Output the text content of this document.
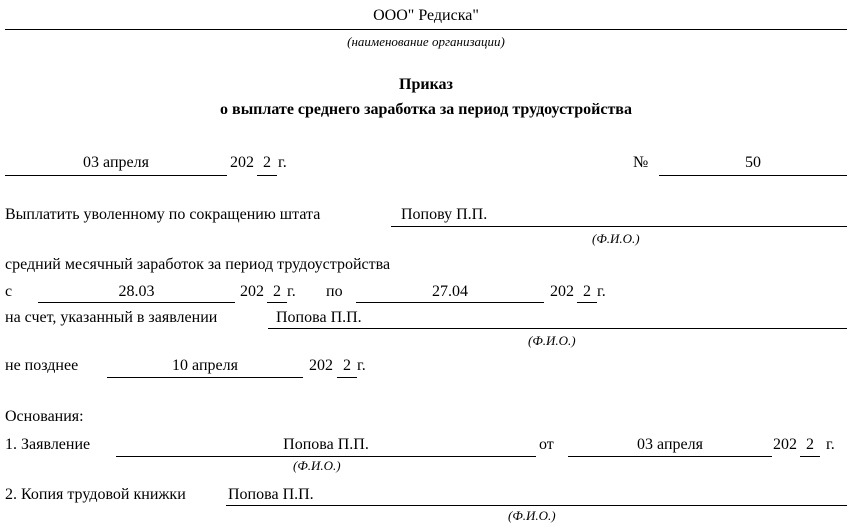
ООО" Редиска"
(наименование организации)
Приказ
о выплате среднего заработка за период трудоустройства
03 апреля	202 2 г.	№	50
Выплатить уволенному по сокращению штата	Попову П.П.
(Ф.И.О.)
средний месячный заработок за период трудоустройства
с	28.03	202 2 г. по	27.04	202 2 г.
на счет, указанный в заявлении	Попова П.П.
(Ф.И.О.)
не позднее	10 апреля	202 2 г.
Основания:
1. Заявление	Попова П.П.
(Ф.И.О.)
от	03 апреля	202 2 г.
2. Копия трудовой книжки	Попова П.П.
(Ф.И.О.)
